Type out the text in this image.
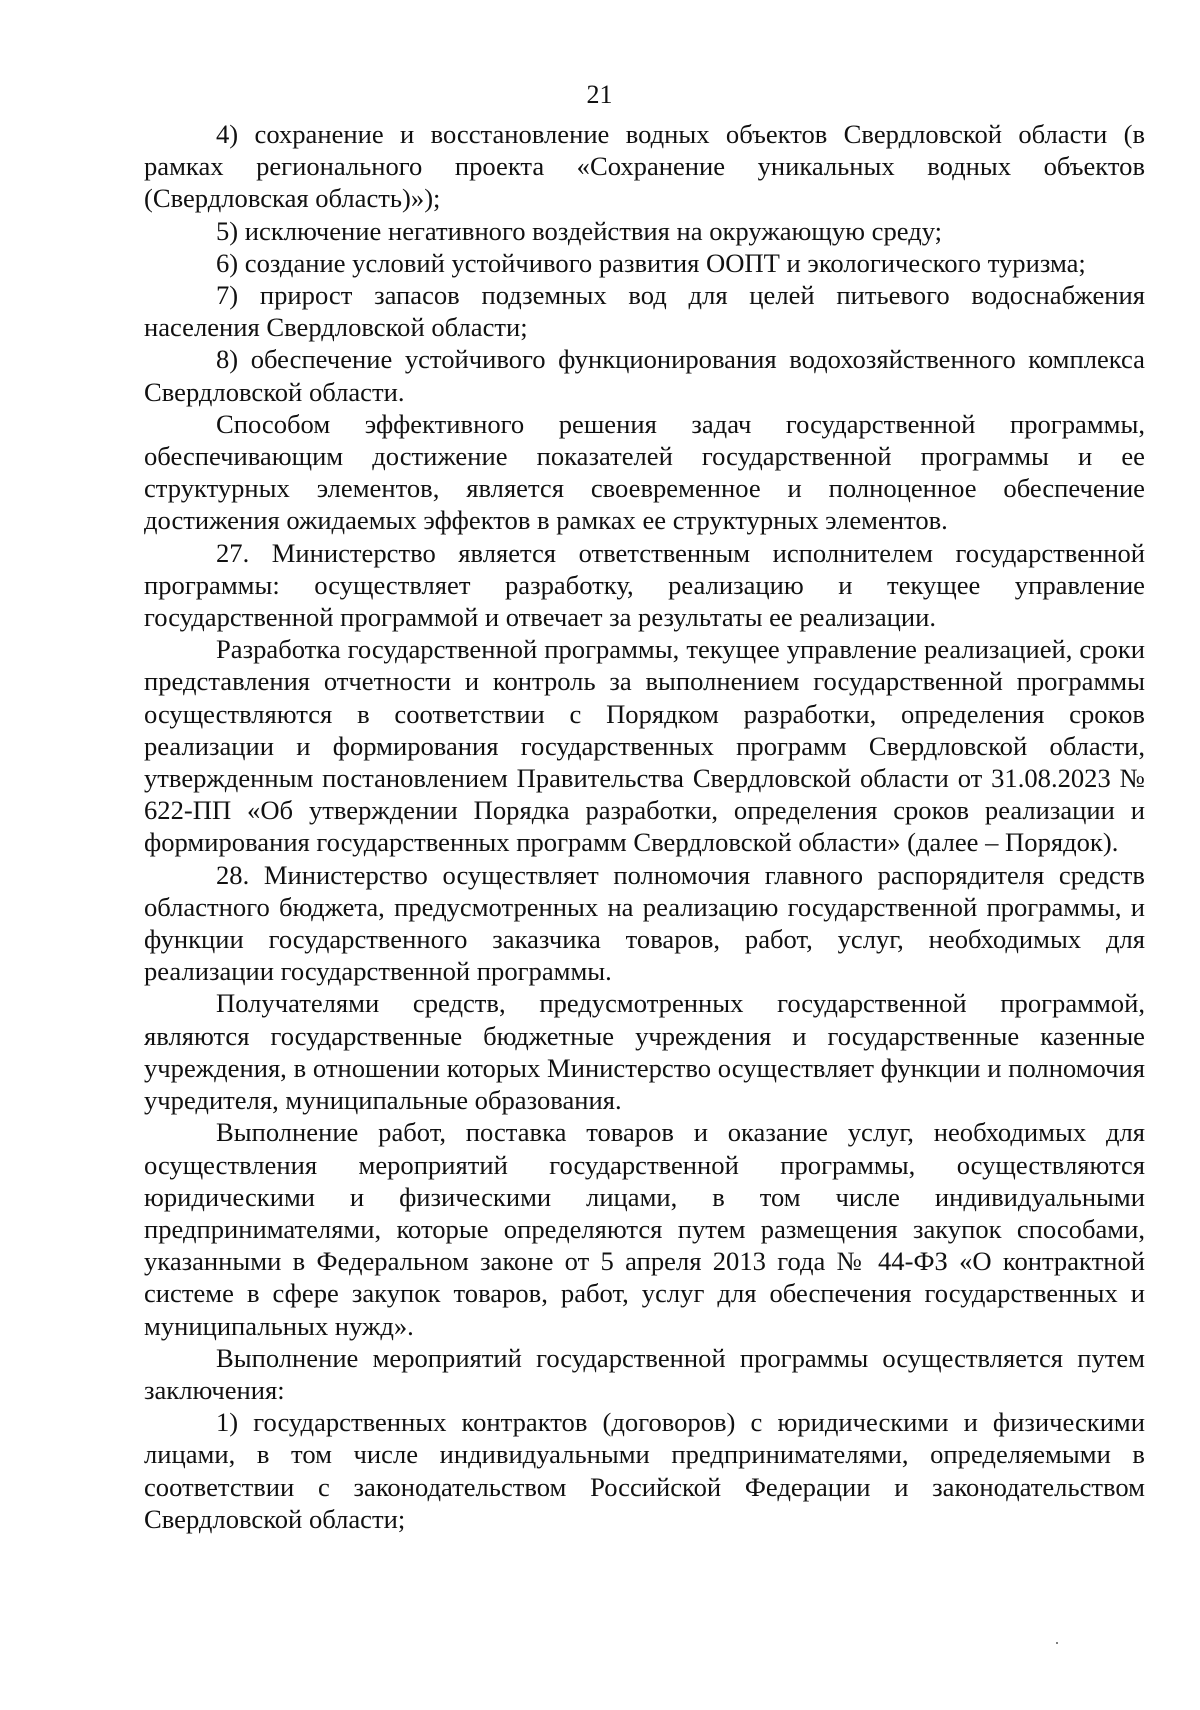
21

4) сохранение и восстановление водных объектов Свердловской области (в рамках регионального проекта «Сохранение уникальных водных объектов (Свердловская область)»);

5) исключение негативного воздействия на окружающую среду;

6) создание условий устойчивого развития ООПТ и экологического туризма;

7) прирост запасов подземных вод для целей питьевого водоснабжения населения Свердловской области;

8) обеспечение устойчивого функционирования водохозяйственного комплекса Свердловской области.

Способом эффективного решения задач государственной программы, обеспечивающим достижение показателей государственной программы и ее структурных элементов, является своевременное и полноценное обеспечение достижения ожидаемых эффектов в рамках ее структурных элементов.

27. Министерство является ответственным исполнителем государственной программы: осуществляет разработку, реализацию и текущее управление государственной программой и отвечает за результаты ее реализации.

Разработка государственной программы, текущее управление реализацией, сроки представления отчетности и контроль за выполнением государственной программы осуществляются в соответствии с Порядком разработки, определения сроков реализации и формирования государственных программ Свердловской области, утвержденным постановлением Правительства Свердловской области от 31.08.2023 № 622-ПП «Об утверждении Порядка разработки, определения сроков реализации и формирования государственных программ Свердловской области» (далее – Порядок).

28. Министерство осуществляет полномочия главного распорядителя средств областного бюджета, предусмотренных на реализацию государственной программы, и функции государственного заказчика товаров, работ, услуг, необходимых для реализации государственной программы.

Получателями средств, предусмотренных государственной программой, являются государственные бюджетные учреждения и государственные казенные учреждения, в отношении которых Министерство осуществляет функции и полномочия учредителя, муниципальные образования.

Выполнение работ, поставка товаров и оказание услуг, необходимых для осуществления мероприятий государственной программы, осуществляются юридическими и физическими лицами, в том числе индивидуальными предпринимателями, которые определяются путем размещения закупок способами, указанными в Федеральном законе от 5 апреля 2013 года № 44-ФЗ «О контрактной системе в сфере закупок товаров, работ, услуг для обеспечения государственных и муниципальных нужд».

Выполнение мероприятий государственной программы осуществляется путем заключения:

1) государственных контрактов (договоров) с юридическими и физическими лицами, в том числе индивидуальными предпринимателями, определяемыми в соответствии с законодательством Российской Федерации и законодательством Свердловской области;
